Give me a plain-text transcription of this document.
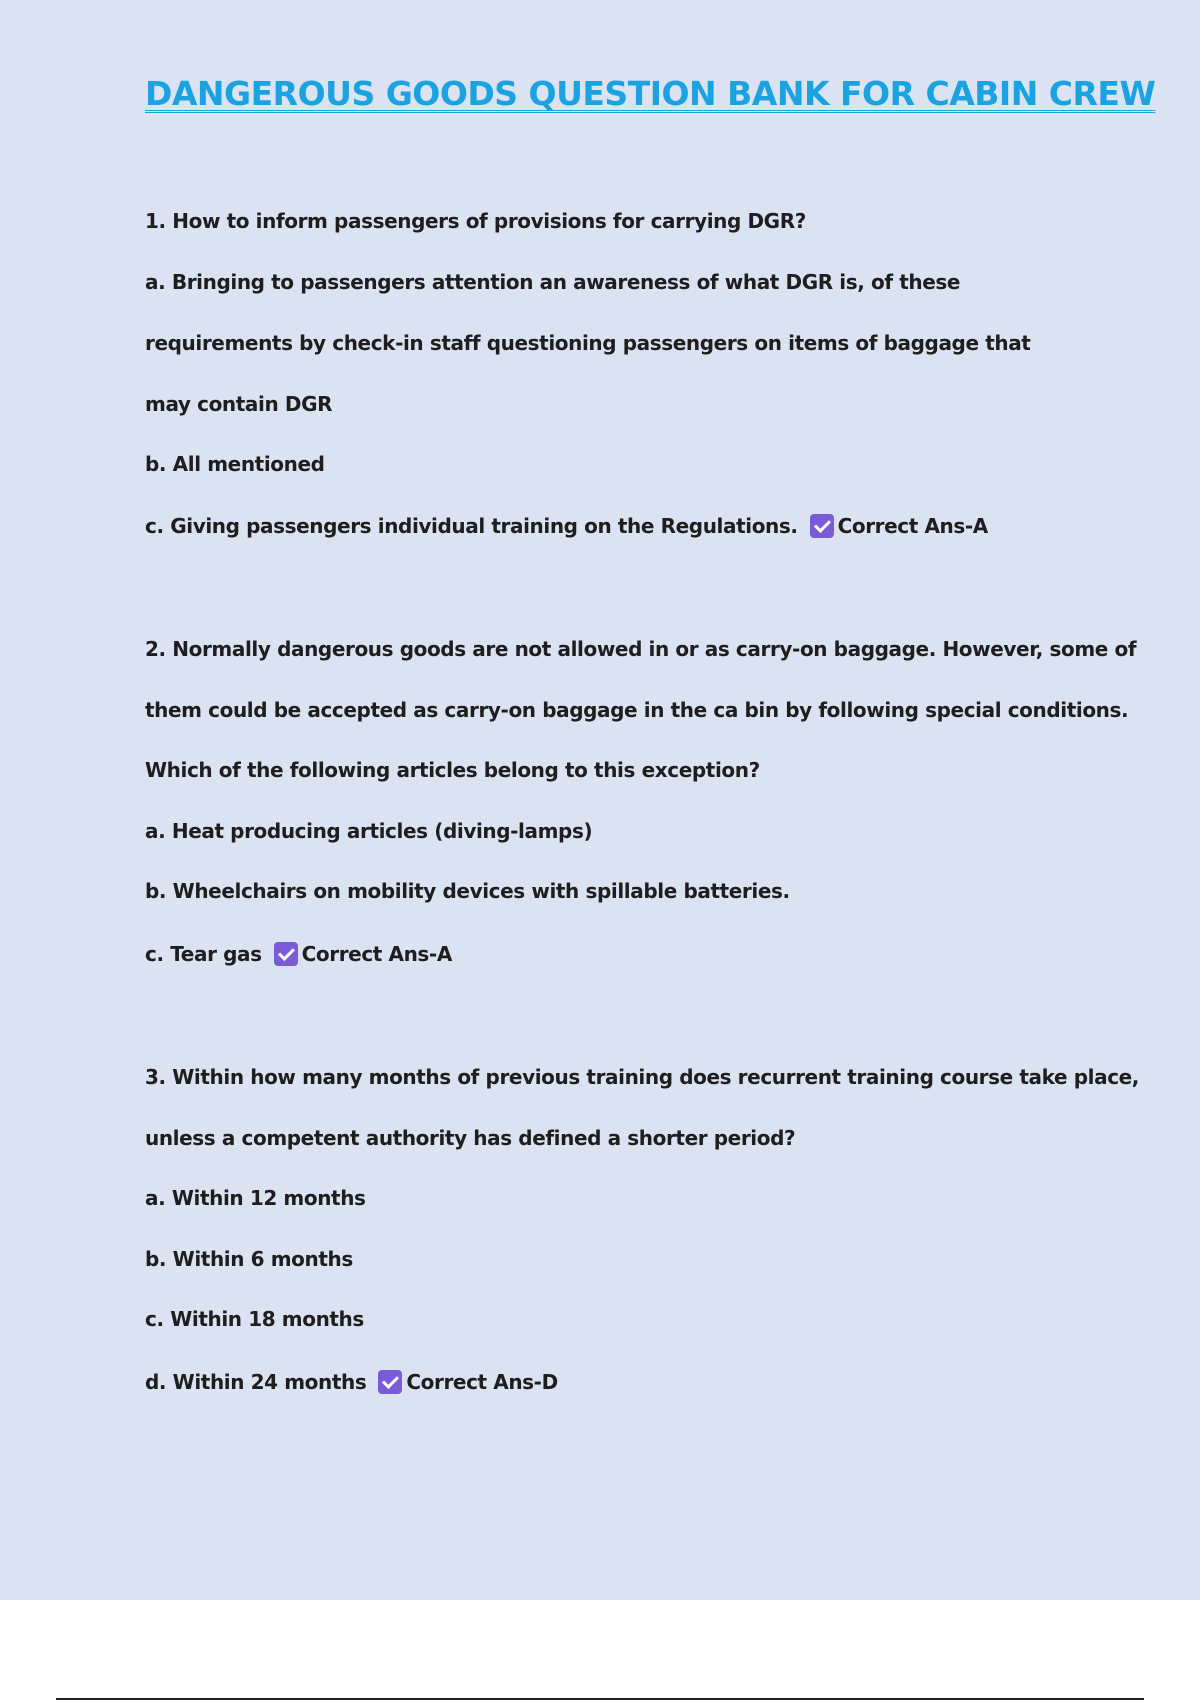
DANGEROUS GOODS QUESTION BANK FOR CABIN CREW

1. How to inform passengers of provisions for carrying DGR?

a. Bringing to passengers attention an awareness of what DGR is, of these

requirements by check-in staff questioning passengers on items of baggage that

may contain DGR

b. All mentioned

c. Giving passengers individual training on the Regulations. Correct Ans-A

2. Normally dangerous goods are not allowed in or as carry-on baggage. However, some of

them could be accepted as carry-on baggage in the ca bin by following special conditions.

Which of the following articles belong to this exception?

a. Heat producing articles (diving-lamps)

b. Wheelchairs on mobility devices with spillable batteries.

c. Tear gas Correct Ans-A

3. Within how many months of previous training does recurrent training course take place,

unless a competent authority has defined a shorter period?

a. Within 12 months

b. Within 6 months

c. Within 18 months

d. Within 24 months Correct Ans-D
